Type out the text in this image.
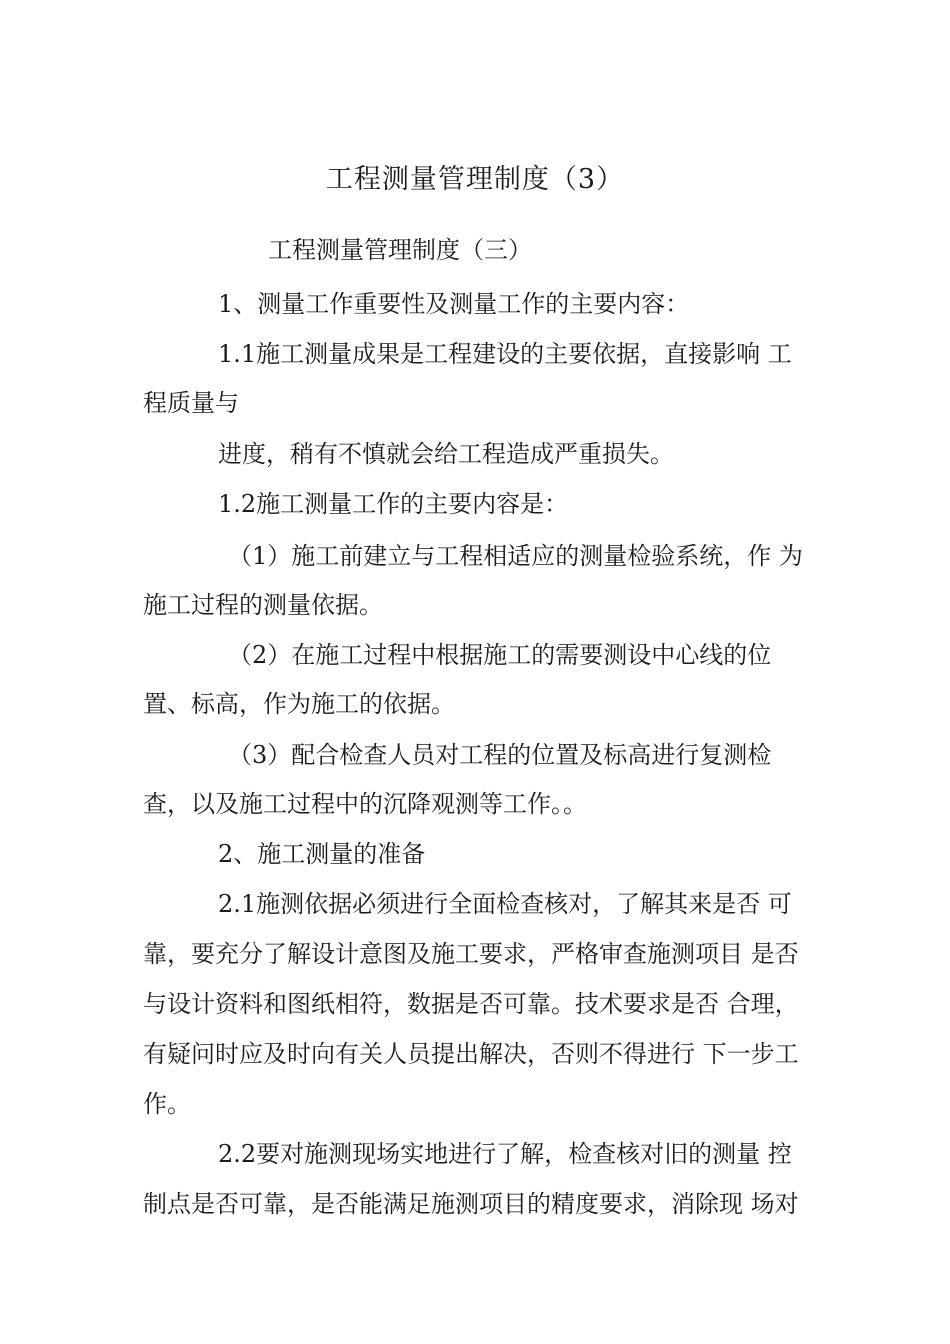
工程测量管理制度（3）
工程测量管理制度（三）
1、测量工作重要性及测量工作的主要内容：
1.1施工测量成果是工程建设的主要依据，直接影响 工
程质量与
进度，稍有不慎就会给工程造成严重损失。
1.2施工测量工作的主要内容是：
（1）施工前建立与工程相适应的测量检验系统，作 为
施工过程的测量依据。
（2）在施工过程中根据施工的需要测设中心线的位
置、标高，作为施工的依据。
（3）配合检查人员对工程的位置及标高进行复测检
查，以及施工过程中的沉降观测等工作。。
2、施工测量的准备
2.1施测依据必须进行全面检查核对，了解其来是否 可
靠，要充分了解设计意图及施工要求，严格审查施测项目 是否
与设计资料和图纸相符，数据是否可靠。技术要求是否 合理，
有疑问时应及时向有关人员提出解决，否则不得进行 下一步工
作。
2.2要对施测现场实地进行了解，检查核对旧的测量 控
制点是否可靠，是否能满足施测项目的精度要求，消除现 场对
